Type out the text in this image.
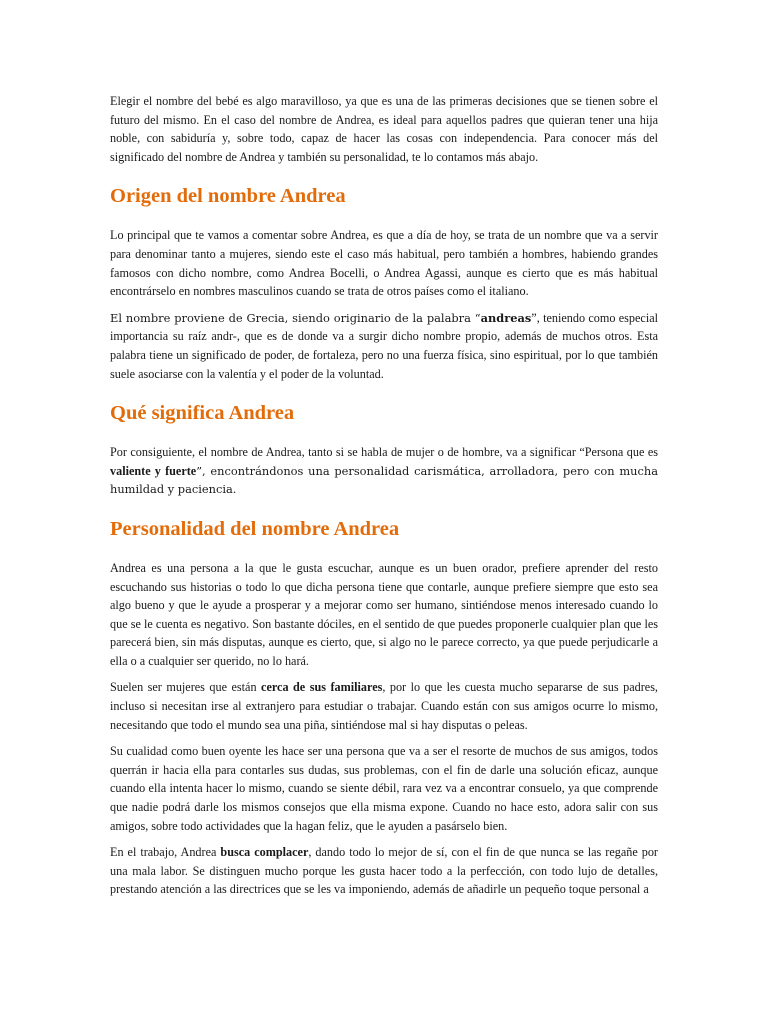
Elegir el nombre del bebé es algo maravilloso, ya que es una de las primeras decisiones que se tienen sobre el futuro del mismo. En el caso del nombre de Andrea, es ideal para aquellos padres que quieran tener una hija noble, con sabiduría y, sobre todo, capaz de hacer las cosas con independencia. Para conocer más del significado del nombre de Andrea y también su personalidad, te lo contamos más abajo.

Origen del nombre Andrea

Lo principal que te vamos a comentar sobre Andrea, es que a día de hoy, se trata de un nombre que va a servir para denominar tanto a mujeres, siendo este el caso más habitual, pero también a hombres, habiendo grandes famosos con dicho nombre, como Andrea Bocelli, o Andrea Agassi, aunque es cierto que es más habitual encontrárselo en nombres masculinos cuando se trata de otros países como el italiano.

El nombre proviene de Grecia, siendo originario de la palabra “andreas”, teniendo como especial importancia su raíz andr-, que es de donde va a surgir dicho nombre propio, además de muchos otros. Esta palabra tiene un significado de poder, de fortaleza, pero no una fuerza física, sino espiritual, por lo que también suele asociarse con la valentía y el poder de la voluntad.

Qué significa Andrea

Por consiguiente, el nombre de Andrea, tanto si se habla de mujer o de hombre, va a significar “Persona que es valiente y fuerte”, encontrándonos una personalidad carismática, arrolladora, pero con mucha humildad y paciencia.

Personalidad del nombre Andrea

Andrea es una persona a la que le gusta escuchar, aunque es un buen orador, prefiere aprender del resto escuchando sus historias o todo lo que dicha persona tiene que contarle, aunque prefiere siempre que esto sea algo bueno y que le ayude a prosperar y a mejorar como ser humano, sintiéndose menos interesado cuando lo que se le cuenta es negativo. Son bastante dóciles, en el sentido de que puedes proponerle cualquier plan que les parecerá bien, sin más disputas, aunque es cierto, que, si algo no le parece correcto, ya que puede perjudicarle a ella o a cualquier ser querido, no lo hará.

Suelen ser mujeres que están cerca de sus familiares, por lo que les cuesta mucho separarse de sus padres, incluso si necesitan irse al extranjero para estudiar o trabajar. Cuando están con sus amigos ocurre lo mismo, necesitando que todo el mundo sea una piña, sintiéndose mal si hay disputas o peleas.

Su cualidad como buen oyente les hace ser una persona que va a ser el resorte de muchos de sus amigos, todos querrán ir hacia ella para contarles sus dudas, sus problemas, con el fin de darle una solución eficaz, aunque cuando ella intenta hacer lo mismo, cuando se siente débil, rara vez va a encontrar consuelo, ya que comprende que nadie podrá darle los mismos consejos que ella misma expone. Cuando no hace esto, adora salir con sus amigos, sobre todo actividades que la hagan feliz, que le ayuden a pasárselo bien.

En el trabajo, Andrea busca complacer, dando todo lo mejor de sí, con el fin de que nunca se las regañe por una mala labor. Se distinguen mucho porque les gusta hacer todo a la perfección, con todo lujo de detalles, prestando atención a las directrices que se les va imponiendo, además de añadirle un pequeño toque personal a
